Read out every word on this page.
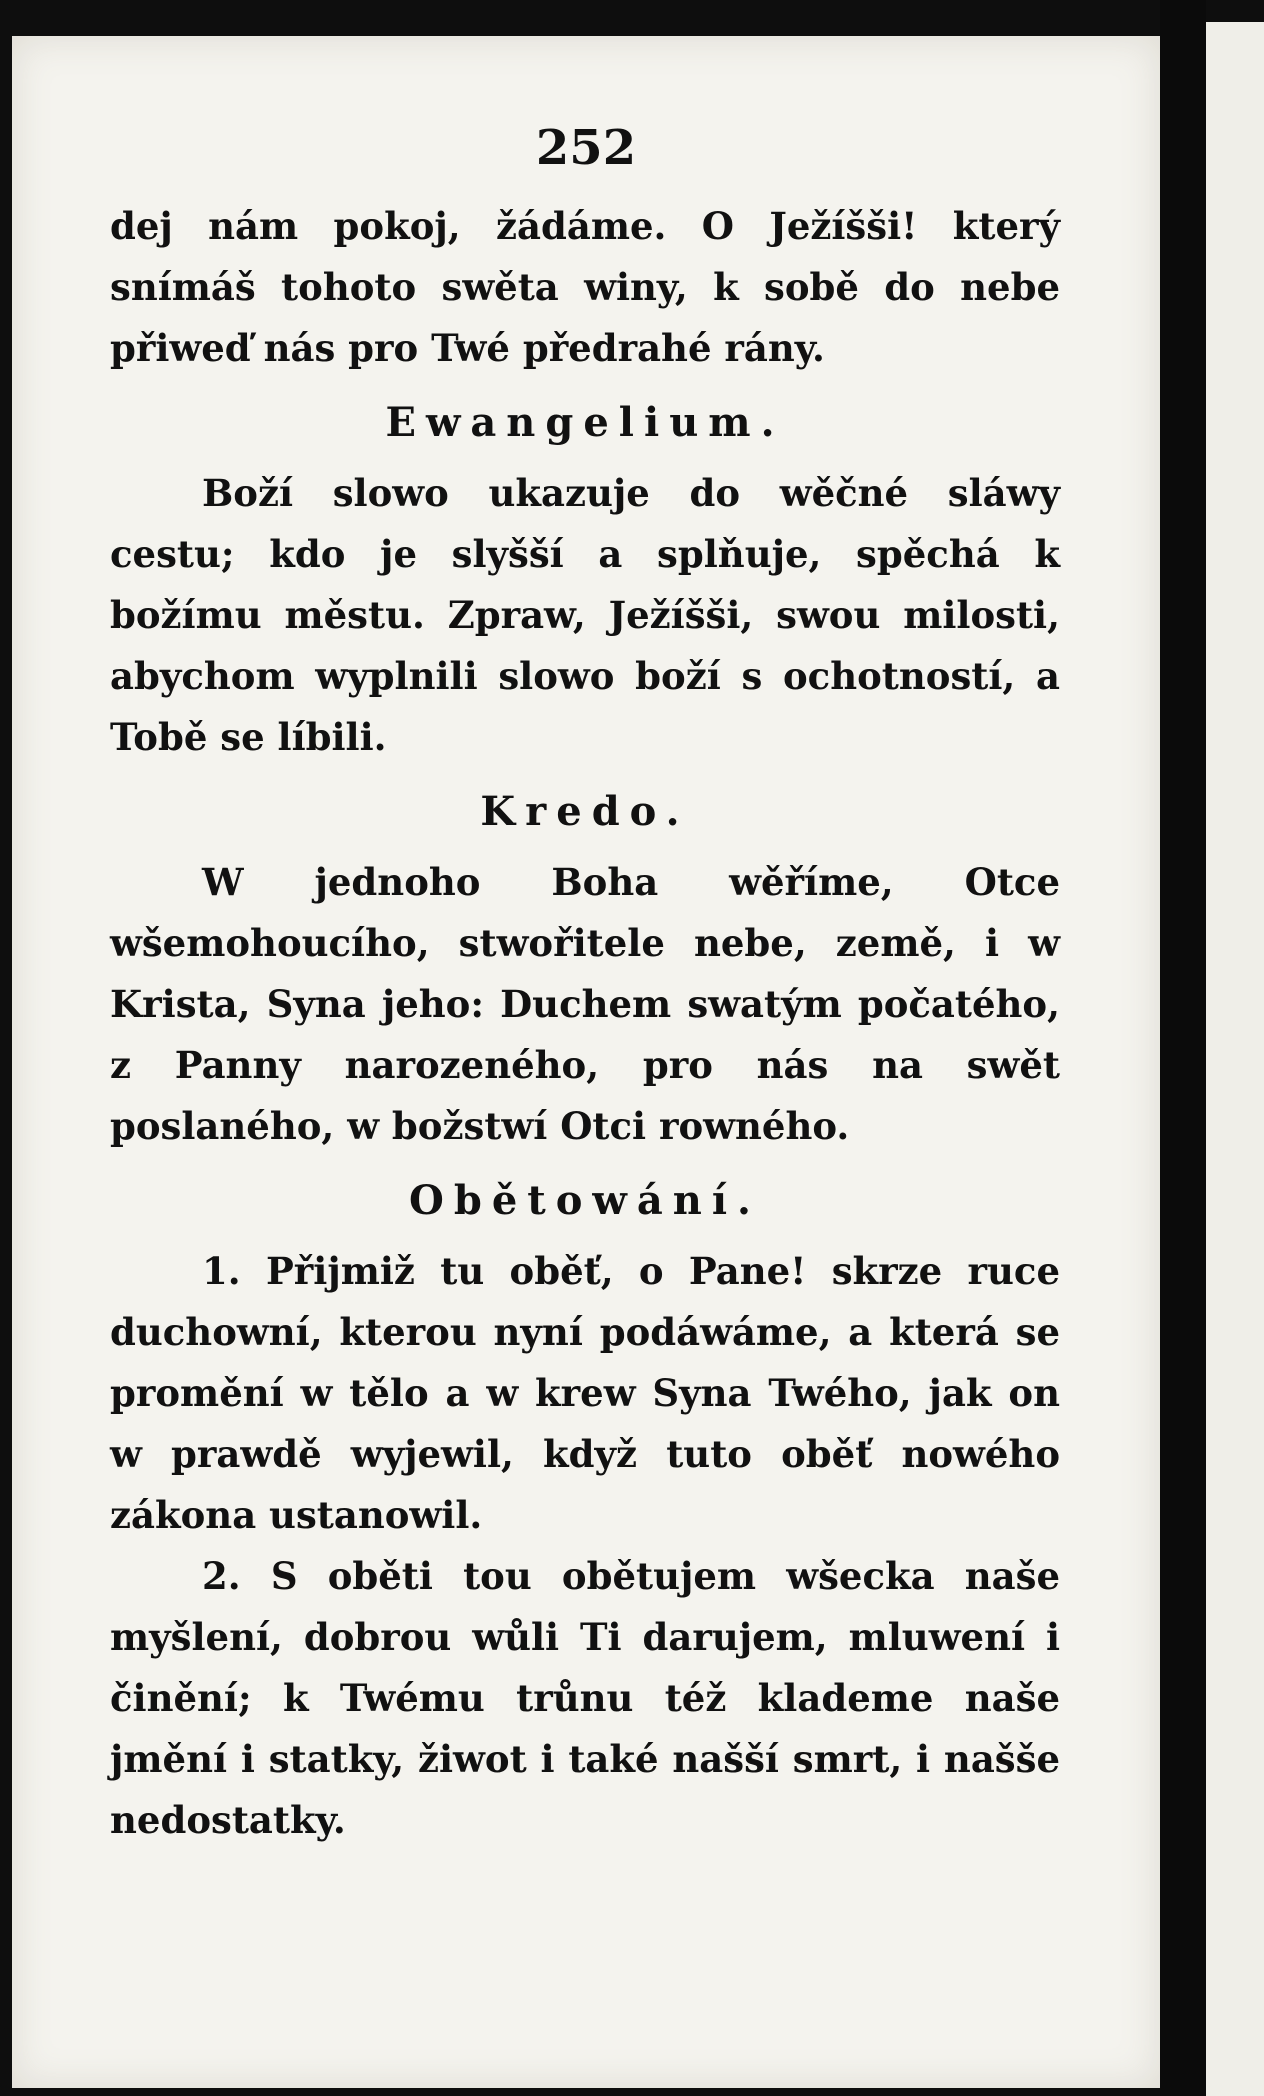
252

dej nám pokoj, žádáme. O Ježíšši! který snímáš tohoto swěta winy, k sobě do nebe přiweď nás pro Twé předrahé rány.

Ewangelium.

Boží slowo ukazuje do wěčné sláwy cestu; kdo je slyšší a splňuje, spěchá k božímu městu. Zpraw, Ježíšši, swou milosti, abychom wyplnili slowo boží s ochotností, a Tobě se líbili.

Kredo.

W jednoho Boha wěříme, Otce wšemohoucího, stwořitele nebe, země, i w Krista, Syna jeho: Duchem swatým počatého, z Panny narozeného, pro nás na swět poslaného, w božstwí Otci rowného.

Obětowání.

1. Přijmiž tu oběť, o Pane! skrze ruce duchowní, kterou nyní podáwáme, a která se promění w tělo a w krew Syna Twého, jak on w prawdě wyjewil, když tuto oběť nowého zákona ustanowil.

2. S oběti tou obětujem wšecka naše myšlení, dobrou wůli Ti darujem, mluwení i činění; k Twému trůnu též klademe naše jmění i statky, žiwot i také našší smrt, i našše nedostatky.
